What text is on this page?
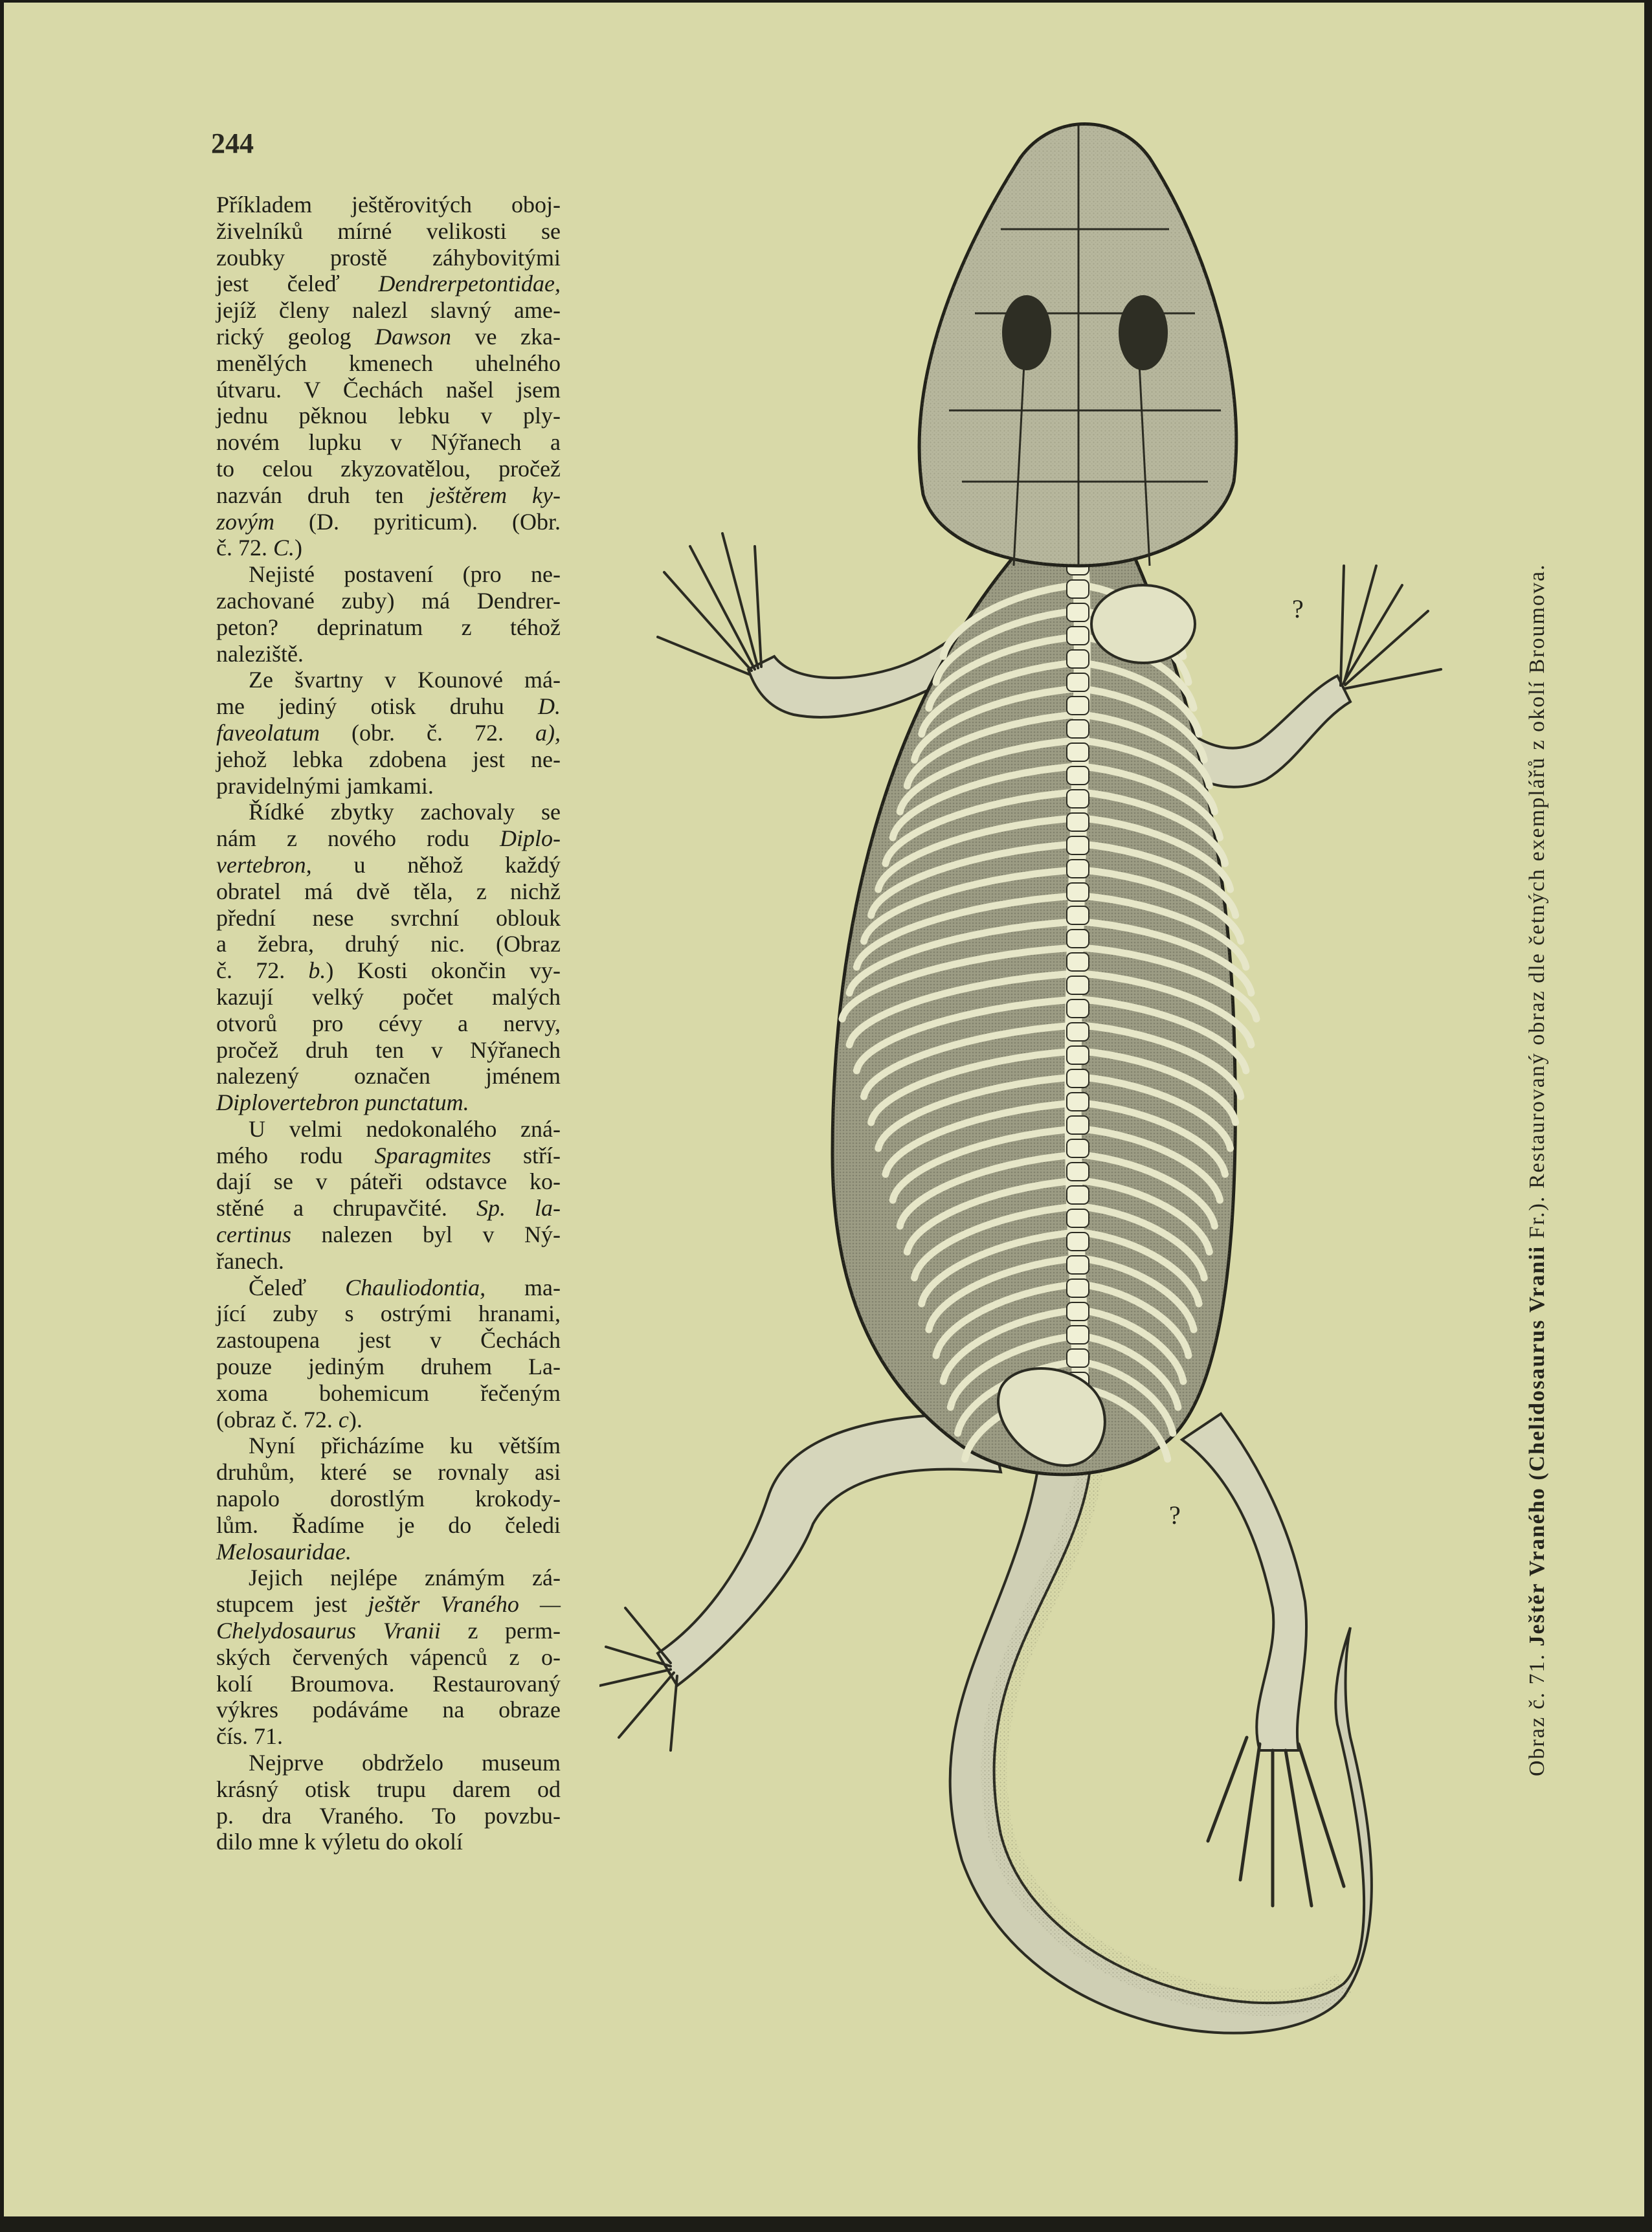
244
Příkladem ještěrovitých oboj-
živelníků mírné velikosti se
zoubky prostě záhybovitými
jest čeleď Dendrerpetontidae,
jejíž členy nalezl slavný ame-
rický geolog Dawson ve zka-
menělých kmenech uhelného
útvaru. V Čechách našel jsem
jednu pěknou lebku v ply-
novém lupku v Nýřanech a
to celou zkyzovatělou, pročež
nazván druh ten ještěrem ky-
zovým (D. pyriticum). (Obr.
č. 72. C.)
Nejisté postavení (pro ne-
zachované zuby) má Dendrer-
peton? deprinatum z téhož
naleziště.
Ze švartny v Kounové má-
me jediný otisk druhu D.
faveolatum (obr. č. 72. a),
jehož lebka zdobena jest ne-
pravidelnými jamkami.
Řídké zbytky zachovaly se
nám z nového rodu Diplo-
vertebron, u něhož každý
obratel má dvě těla, z nichž
přední nese svrchní oblouk
a žebra, druhý nic. (Obraz
č. 72. b.) Kosti okončin vy-
kazují velký počet malých
otvorů pro cévy a nervy,
pročež druh ten v Nýřanech
nalezený označen jménem
Diplovertebron punctatum.
U velmi nedokonalého zná-
mého rodu Sparagmites stří-
dají se v páteři odstavce ko-
stěné a chrupavčité. Sp. la-
certinus nalezen byl v Ný-
řanech.
Čeleď Chauliodontia, ma-
jící zuby s ostrými hranami,
zastoupena jest v Čechách
pouze jediným druhem La-
xoma bohemicum řečeným
(obraz č. 72. c).
Nyní přicházíme ku větším
druhům, které se rovnaly asi
napolo dorostlým krokody-
lům. Řadíme je do čeledi
Melosauridae.
Jejich nejlépe známým zá-
stupcem jest ještěr Vraného —
Chelydosaurus Vranii z perm-
ských červených vápenců z o-
kolí Broumova. Restaurovaný
výkres podáváme na obraze
čís. 71.
Nejprve obdrželo museum
krásný otisk trupu darem od
p. dra Vraného. To povzbu-
dilo mne k výletu do okolí
?
?
Obraz č. 71. Ještěr Vraného (Chelidosaurus Vranii Fr.). Restaurovaný obraz dle četných exemplářů z okolí Broumova.
